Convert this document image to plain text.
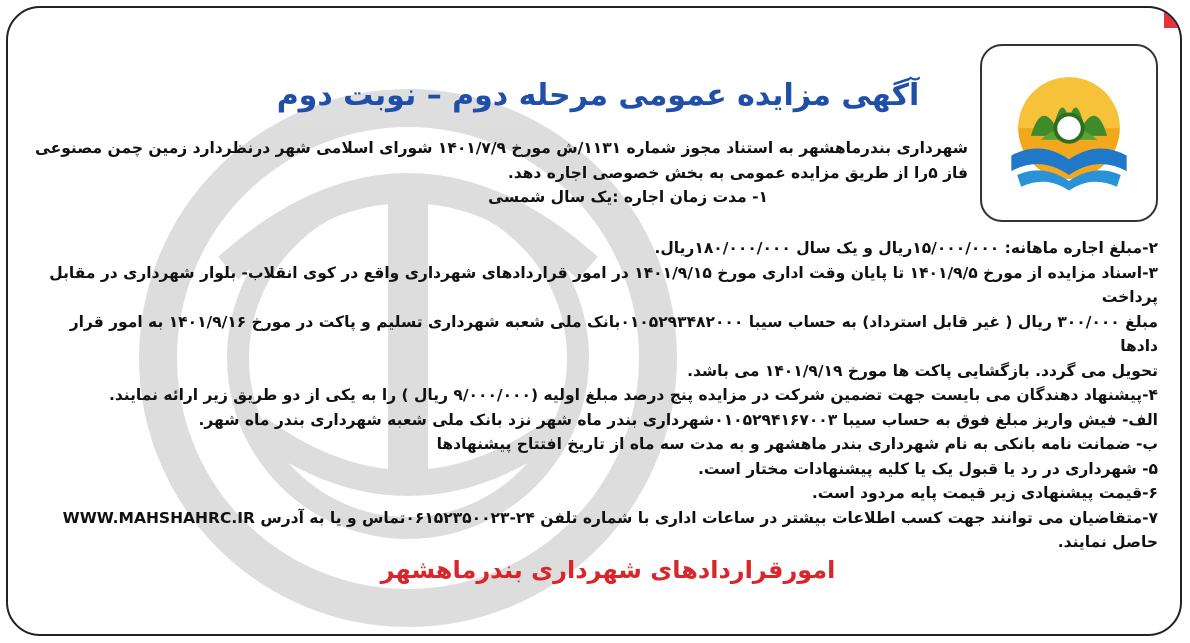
آگهی مزایده عمومی مرحله دوم – نوبت دوم

شهرداری بندرماهشهر به استناد مجوز شماره ۱۱۳۱/ش مورخ ۱۴۰۱/۷/۹ شورای اسلامی شهر درنظردارد زمین چمن مصنوعی

فاز ۵را از طریق مزایده عمومی به بخش خصوصی اجاره دهد.

۱- مدت زمان اجاره :یک سال شمسی

۲-مبلغ اجاره ماهانه: ۱۵/۰۰۰/۰۰۰ریال و یک سال ۱۸۰/۰۰۰/۰۰۰ریال.

۳-اسناد مزایده از مورخ ۱۴۰۱/۹/۵ تا پایان وقت اداری مورخ ۱۴۰۱/۹/۱۵ در امور قراردادهای شهرداری واقع در کوی انقلاب- بلوار شهرداری در مقابل پرداخت

مبلغ ۳۰۰/۰۰۰ ریال ( غیر قابل استرداد) به حساب سیبا ۰۱۰۵۲۹۳۴۸۲۰۰۰بانک ملی شعبه شهرداری تسلیم و پاکت در مورخ ۱۴۰۱/۹/۱۶ به امور قرار دادها

تحویل می گردد. بازگشایی پاکت ها مورخ ۱۴۰۱/۹/۱۹ می باشد.

۴-پیشنهاد دهندگان می بایست جهت تضمین شرکت در مزایده پنج درصد مبلغ اولیه (۹/۰۰۰/۰۰۰ ریال ) را به یکی از دو طریق زیر ارائه نمایند.

الف- فیش واریز مبلغ فوق به حساب سیبا ۰۱۰۵۲۹۴۱۶۷۰۰۳شهرداری بندر ماه شهر نزد بانک ملی شعبه شهرداری بندر ماه شهر.

ب- ضمانت نامه بانکی به نام شهرداری بندر ماهشهر و به مدت سه ماه از تاریخ افتتاح پیشنهادها

۵- شهرداری در رد یا قبول یک یا کلیه پیشنهادات مختار است.

۶-قیمت پیشنهادی زیر قیمت پایه مردود است.

۷-متقاضیان می توانند جهت کسب اطلاعات بیشتر در ساعات اداری با شماره تلفن ۲۴-۰۶۱۵۲۳۵۰۰۲۳تماس و یا به آدرس WWW.MAHSHAHRC.IR

حاصل نمایند.

امورقراردادهای شهرداری بندرماهشهر
